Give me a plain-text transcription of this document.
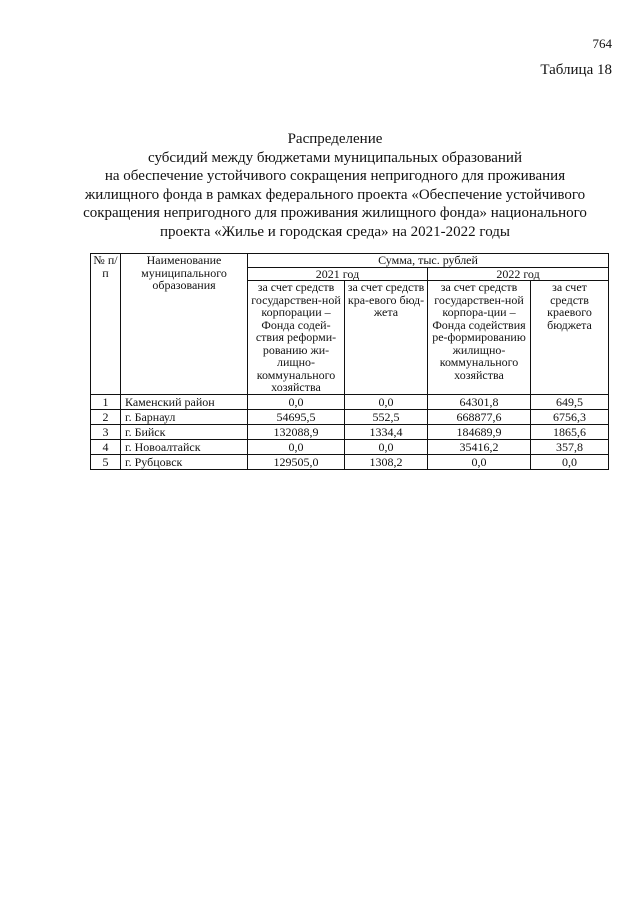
764
Таблица 18
Распределение
субсидий между бюджетами муниципальных образований
на обеспечение устойчивого сокращения непригодного для проживания
жилищного фонда в рамках федерального проекта «Обеспечение устойчивого
сокращения непригодного для проживания жилищного фонда» национального
проекта «Жилье и городская среда» на 2021-2022 годы
№ п/п	Наименование муниципального образования	Сумма, тыс. рублей			
		2021 год		2022 год	
		за счет средств государствен-ной корпорации – Фонда содей-ствия реформи-рованию жи-лищно-коммунального хозяйства	за счет средств кра-евого бюд-жета	за счет средств государствен-ной корпора-ции – Фонда содействия ре-формированию жилищно-коммунального хозяйства	за счет средств краевого бюджета
1	Каменский район	0,0	0,0	64301,8	649,5
2	г. Барнаул	54695,5	552,5	668877,6	6756,3
3	г. Бийск	132088,9	1334,4	184689,9	1865,6
4	г. Новоалтайск	0,0	0,0	35416,2	357,8
5	г. Рубцовск	129505,0	1308,2	0,0	0,0
